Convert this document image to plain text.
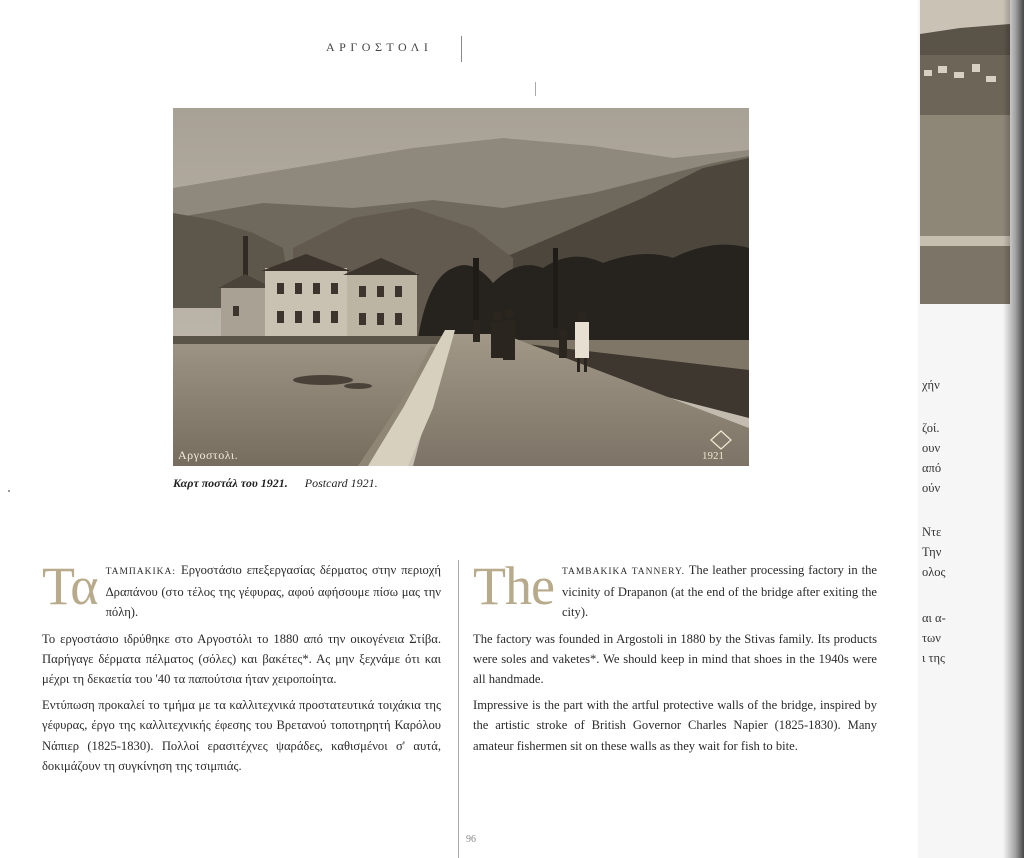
ΑΡΓΟΣΤΟΛΙ
Αργοστολι.	1921
Καρτ ποστάλ του 1921. Postcard 1921.

Τα ΤΑΜΠΑΚΙΚΑ: Εργοστάσιο επεξεργασίας δέρματος στην περιοχή Δραπάνου (στο τέλος της γέφυρας, αφού αφήσουμε πίσω μας την πόλη).

Το εργοστάσιο ιδρύθηκε στο Αργοστόλι το 1880 από την οικογένεια Στίβα. Παρήγαγε δέρματα πέλματος (σόλες) και βακέτες*. Ας μην ξεχνάμε ότι και μέχρι τη δεκαετία του '40 τα παπούτσια ήταν χειροποίητα.

Εντύπωση προκαλεί το τμήμα με τα καλλιτεχνικά προστατευτικά τοιχάκια της γέφυρας, έργο της καλλιτεχνικής έφεσης του Βρετανού τοποτηρητή Καρόλου Νάπιερ (1825-1830). Πολλοί ερασιτέχνες ψαράδες, καθισμένοι σ' αυτά, δοκιμάζουν τη συγκίνηση της τσιμπιάς.

The TAMBAKIKA TANNERY. The leather processing factory in the vicinity of Drapanon (at the end of the bridge after exiting the city).

The factory was founded in Argostoli in 1880 by the Stivas family. Its products were soles and vaketes*. We should keep in mind that shoes in the 1940s were all handmade.

Impressive is the part with the artful protective walls of the bridge, inspired by the artistic stroke of British Governor Charles Napier (1825-1830). Many amateur fishermen sit on these walls as they wait for fish to bite.

96
χήν
ζοί.
ουν
από
ούν
Ντε
Την
ολος
αι α-
των
ι της
